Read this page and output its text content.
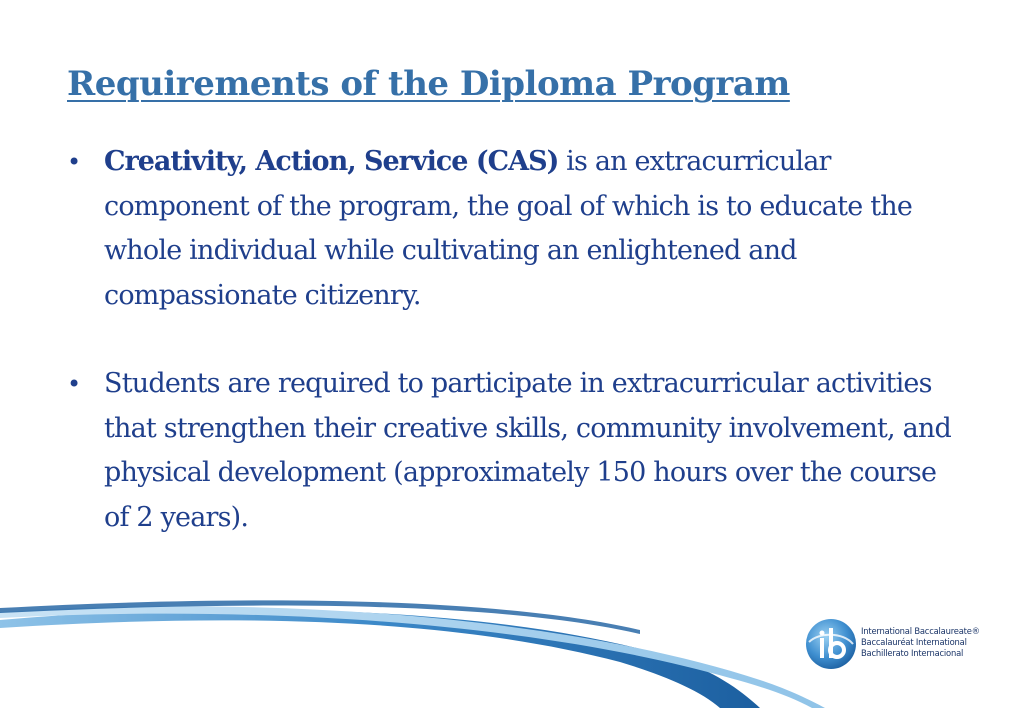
Requirements of the Diploma Program
• Creativity, Action, Service (CAS) is an extracurricular component of the program, the goal of which is to educate the whole individual while cultivating an enlightened and compassionate citizenry.
• Students are required to participate in extracurricular activities that strengthen their creative skills, community involvement, and physical development (approximately 150 hours over the course of 2 years).
International Baccalaureate®
Baccalauréat International
Bachillerato Internacional
